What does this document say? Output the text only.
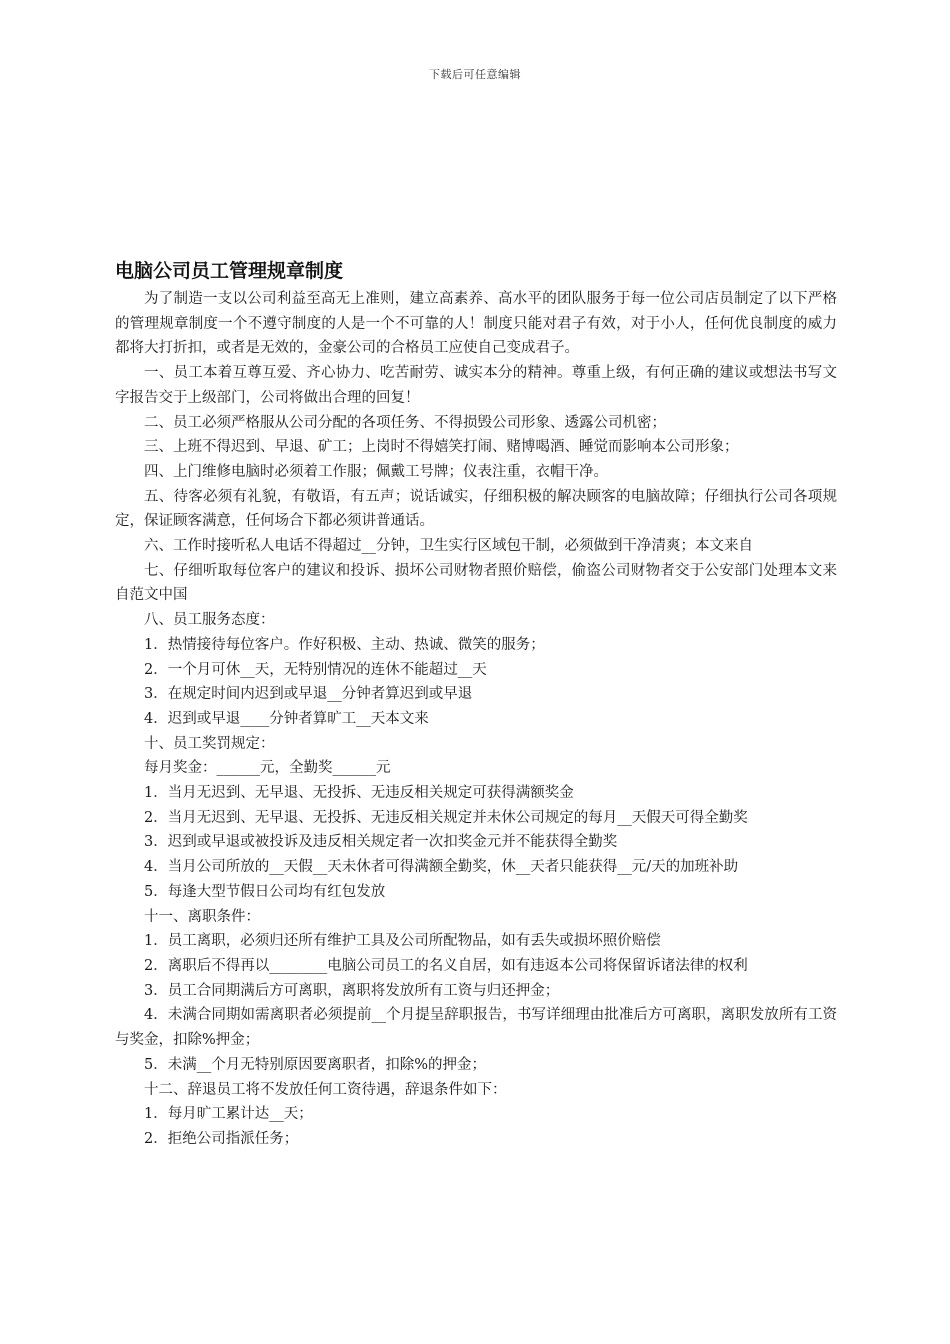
下载后可任意编辑
电脑公司员工管理规章制度

为了制造一支以公司利益至高无上准则，建立高素养、高水平的团队服务于每一位公司店员制定了以下严格的管理规章制度一个不遵守制度的人是一个不可靠的人！制度只能对君子有效，对于小人，任何优良制度的威力都将大打折扣，或者是无效的，金豪公司的合格员工应使自己变成君子。

一、员工本着互尊互爱、齐心协力、吃苦耐劳、诚实本分的精神。尊重上级，有何正确的建议或想法书写文字报告交于上级部门，公司将做出合理的回复！

二、员工必须严格服从公司分配的各项任务、不得损毁公司形象、透露公司机密；

三、上班不得迟到、早退、矿工；上岗时不得嬉笑打闹、赌博喝酒、睡觉而影响本公司形象；

四、上门维修电脑时必须着工作服；佩戴工号牌；仪表注重，衣帽干净。

五、待客必须有礼貌，有敬语，有五声；说话诚实，仔细积极的解决顾客的电脑故障；仔细执行公司各项规定，保证顾客满意，任何场合下都必须讲普通话。

六、工作时接听私人电话不得超过__分钟，卫生实行区域包干制，必须做到干净清爽；本文来自

七、仔细听取每位客户的建议和投诉、损坏公司财物者照价赔偿，偷盗公司财物者交于公安部门处理本文来自范文中国

八、员工服务态度：

1．热情接待每位客户。作好积极、主动、热诚、微笑的服务；

2．一个月可休__天，无特别情况的连休不能超过__天

3．在规定时间内迟到或早退__分钟者算迟到或早退

4．迟到或早退____分钟者算旷工__天本文来

十、员工奖罚规定：

每月奖金：______元，全勤奖______元

1．当月无迟到、无早退、无投拆、无违反相关规定可获得满额奖金

2．当月无迟到、无早退、无投拆、无违反相关规定并未休公司规定的每月__天假天可得全勤奖

3．迟到或早退或被投诉及违反相关规定者一次扣奖金元并不能获得全勤奖

4．当月公司所放的__天假__天未休者可得满额全勤奖，休__天者只能获得__元/天的加班补助

5．每逢大型节假日公司均有红包发放

十一、离职条件：

1．员工离职，必须归还所有维护工具及公司所配物品，如有丢失或损坏照价赔偿

2．离职后不得再以________电脑公司员工的名义自居，如有违返本公司将保留诉诸法律的权利

3．员工合同期满后方可离职，离职将发放所有工资与归还押金；

4．未满合同期如需离职者必须提前__个月提呈辞职报告，书写详细理由批准后方可离职，离职发放所有工资与奖金，扣除%押金；

5．未满__个月无特别原因要离职者，扣除%的押金；

十二、辞退员工将不发放任何工资待遇，辞退条件如下：

1．每月旷工累计达__天；

2．拒绝公司指派任务；
